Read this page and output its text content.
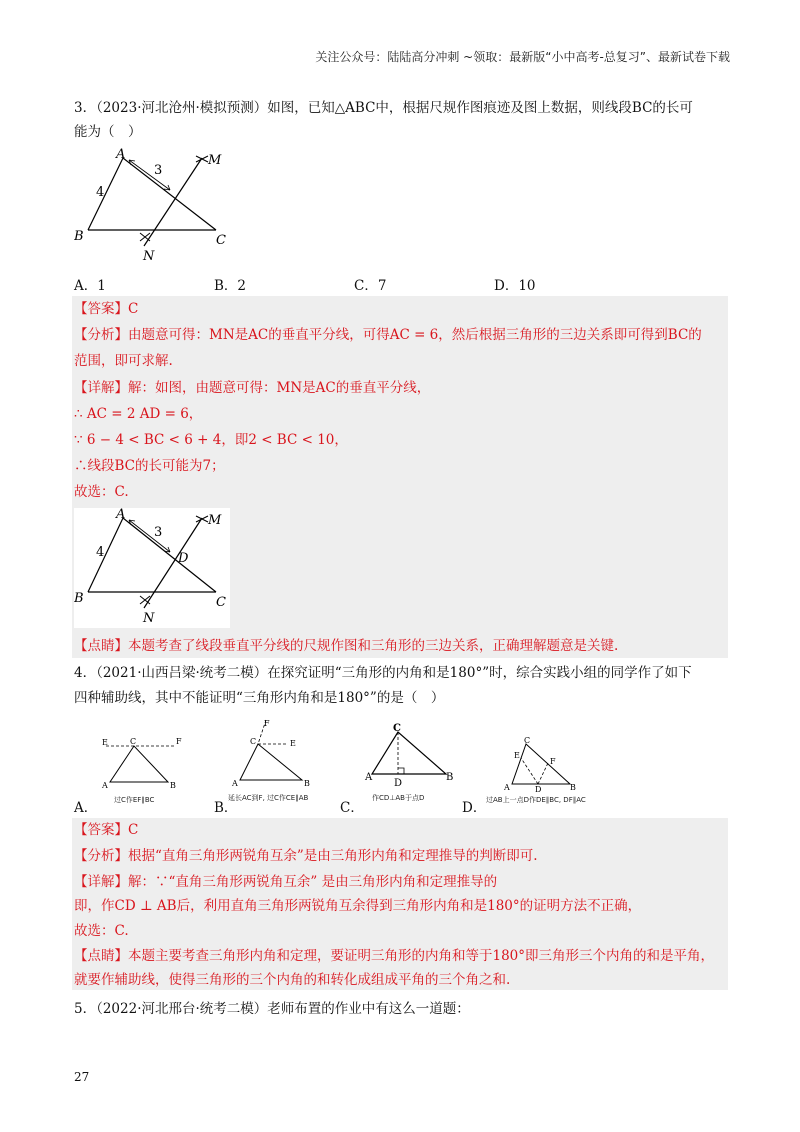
关注公众号：陆陆高分冲刺 ~领取：最新版“小中高考-总复习”、最新试卷下载
3．（2023·河北沧州·模拟预测）如图，已知△ABC中，根据尺规作图痕迹及图上数据，则线段BC的长可
能为（　）
A
B	C
M
N
4
3
A．1	B．2	C．7	D．10
【答案】C
【分析】由题意可得：MN是AC的垂直平分线，可得AC = 6，然后根据三角形的三边关系即可得到BC的
范围，即可求解.
【详解】解：如图，由题意可得：MN是AC的垂直平分线，
∴ AC = 2 AD = 6，
∵ 6 − 4 < BC < 6 + 4，即2 < BC < 10，
∴线段BC的长可能为7；
故选：C.
A
B	C
M
N
D
4
3
【点睛】本题考查了线段垂直平分线的尺规作图和三角形的三边关系，正确理解题意是关键.
4．（2021·山西吕梁·统考二模）在探究证明“三角形的内角和是180°”时，综合实践小组的同学作了如下
四种辅助线，其中不能证明“三角形内角和是180°”的是（　）
A．	B．	C．	D．
E	C	F
A	B
过C作EF∥BC
F
C	E
A	B
延长AC到F, 过C作CE∥AB
C
A	B
D
作CD⊥AB于点D
C
E
F
A	B
D
过AB上一点D作DE∥BC, DF∥AC
【答案】C
【分析】根据“直角三角形两锐角互余”是由三角形内角和定理推导的判断即可.
【详解】解：∵“直角三角形两锐角互余” 是由三角形内角和定理推导的
即，作CD ⊥ AB后，利用直角三角形两锐角互余得到三角形内角和是180°的证明方法不正确，
故选：C.
【点睛】本题主要考查三角形内角和定理，要证明三角形的内角和等于180°即三角形三个内角的和是平角，
就要作辅助线，使得三角形的三个内角的和转化成组成平角的三个角之和.
5．（2022·河北邢台·统考二模）老师布置的作业中有这么一道题：
27
